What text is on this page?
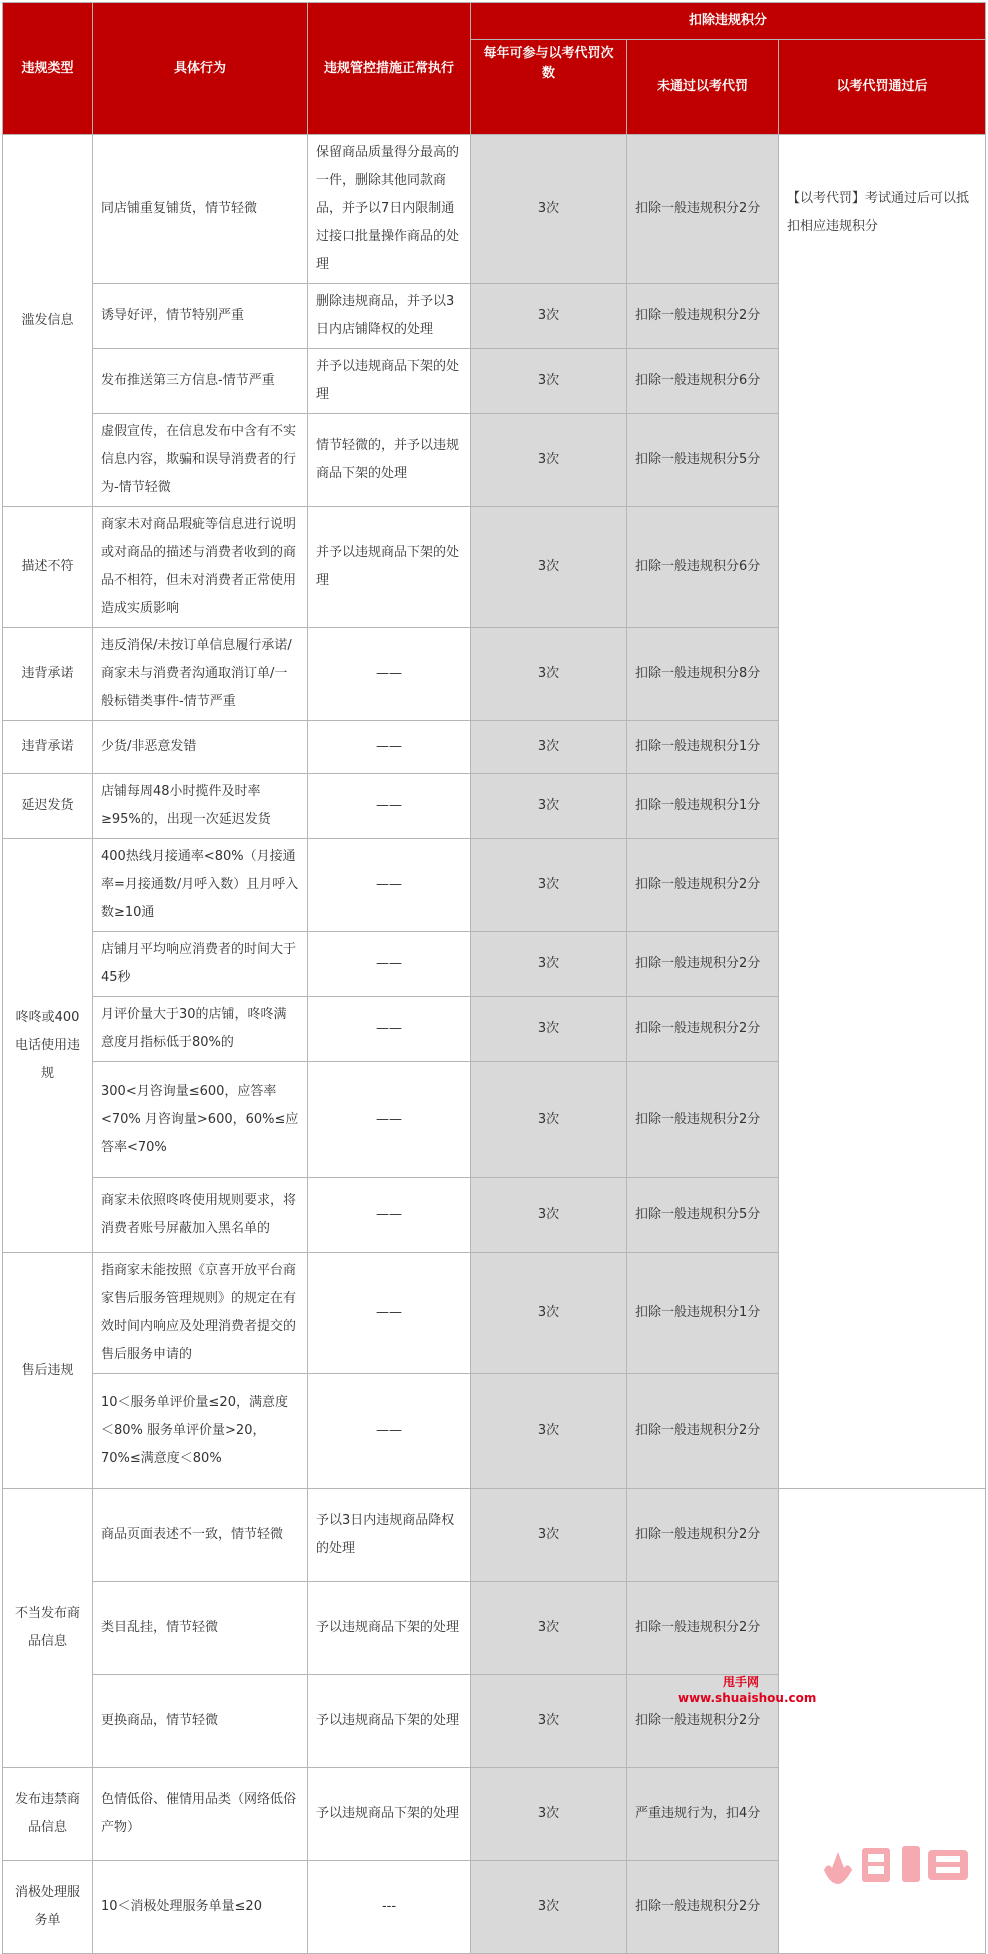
违规类型	具体行为	违规管控措施正常执行	扣除违规积分		
			每年可参与以考代罚次数	未通过以考代罚	以考代罚通过后
滥发信息	同店铺重复铺货，情节轻微	保留商品质量得分最高的一件，删除其他同款商品，并予以7日内限制通过接口批量操作商品的处理	3次	扣除一般违规积分2分	【以考代罚】考试通过后可以抵扣相应违规积分
	诱导好评，情节特别严重	删除违规商品，并予以3日内店铺降权的处理	3次	扣除一般违规积分2分	
	发布推送第三方信息-情节严重	并予以违规商品下架的处理	3次	扣除一般违规积分6分	
	虚假宣传，在信息发布中含有不实信息内容，欺骗和误导消费者的行为-情节轻微	情节轻微的，并予以违规商品下架的处理	3次	扣除一般违规积分5分	
描述不符	商家未对商品瑕疵等信息进行说明或对商品的描述与消费者收到的商品不相符，但未对消费者正常使用造成实质影响	并予以违规商品下架的处理	3次	扣除一般违规积分6分	
违背承诺	违反消保/未按订单信息履行承诺/商家未与消费者沟通取消订单/一般标错类事件-情节严重	——	3次	扣除一般违规积分8分	
违背承诺	少货/非恶意发错	——	3次	扣除一般违规积分1分	
延迟发货	店铺每周48小时揽件及时率≥95%的，出现一次延迟发货	——	3次	扣除一般违规积分1分	
咚咚或400电话使用违规	400热线月接通率<80%（月接通率=月接通数/月呼入数）且月呼入数≥10通	——	3次	扣除一般违规积分2分	
	店铺月平均响应消费者的时间大于45秒	——	3次	扣除一般违规积分2分	
	月评价量大于30的店铺，咚咚满意度月指标低于80%的	——	3次	扣除一般违规积分2分	
	300<月咨询量≤600，应答率<70% 月咨询量>600，60%≤应答率<70%	——	3次	扣除一般违规积分2分	
	商家未依照咚咚使用规则要求，将消费者账号屏蔽加入黑名单的	——	3次	扣除一般违规积分5分	
售后违规	指商家未能按照《京喜开放平台商家售后服务管理规则》的规定在有效时间内响应及处理消费者提交的售后服务申请的	——	3次	扣除一般违规积分1分	
	10＜服务单评价量≤20，满意度＜80% 服务单评价量>20，70%≤满意度＜80%	——	3次	扣除一般违规积分2分	
不当发布商品信息	商品页面表述不一致，情节轻微	予以3日内违规商品降权的处理	3次	扣除一般违规积分2分	
	类目乱挂，情节轻微	予以违规商品下架的处理	3次	扣除一般违规积分2分	
	更换商品，情节轻微	予以违规商品下架的处理	3次	扣除一般违规积分2分	
发布违禁商品信息	色情低俗、催情用品类（网络低俗产物）	予以违规商品下架的处理	3次	严重违规行为，扣4分	
消极处理服务单	10＜消极处理服务单量≤20	---	3次	扣除一般违规积分2分	
甩手网
www.shuaishou.com
